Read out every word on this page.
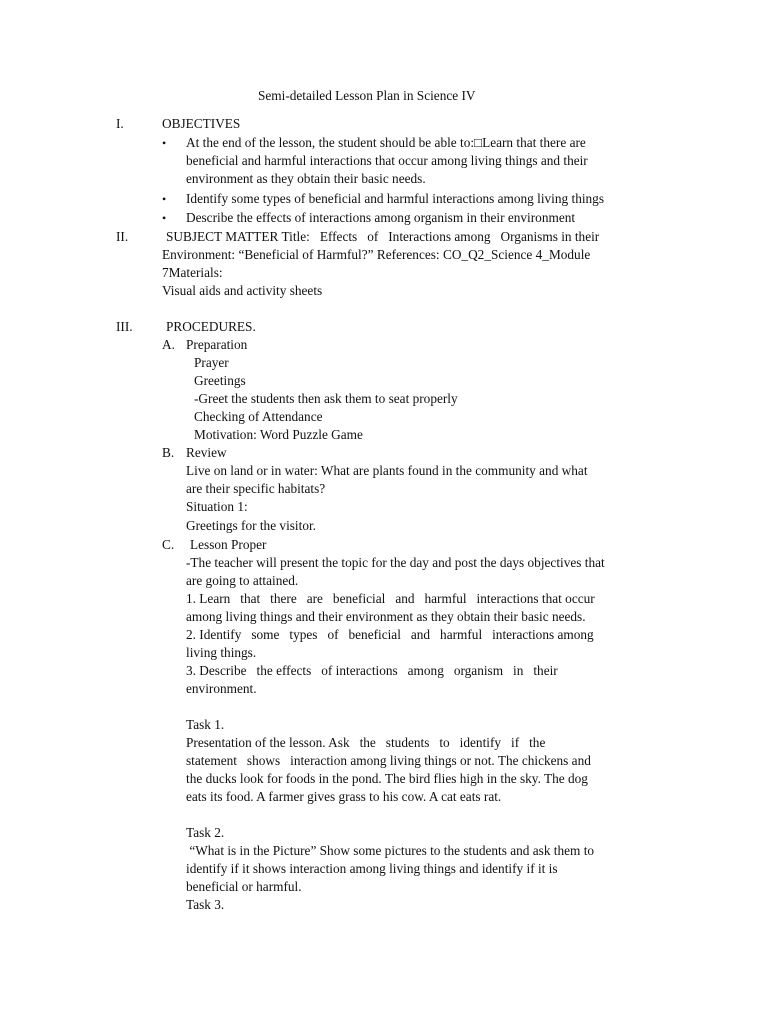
Semi-detailed Lesson Plan in Science IV
I.	OBJECTIVES
• At the end of the lesson, the student should be able to:□Learn that there are
beneficial and harmful interactions that occur among living things and their
environment as they obtain their basic needs.
• Identify some types of beneficial and harmful interactions among living things
• Describe the effects of interactions among organism in their environment
II.	SUBJECT MATTER Title:   Effects   of   Interactions among   Organisms in their
Environment: “Beneficial of Harmful?” References: CO_Q2_Science 4_Module
7Materials:
Visual aids and activity sheets
III.	PROCEDURES.
A. Preparation
Prayer
Greetings
-Greet the students then ask them to seat properly
Checking of Attendance
Motivation: Word Puzzle Game
B. Review
Live on land or in water: What are plants found in the community and what
are their specific habitats?
Situation 1:
Greetings for the visitor.
C. Lesson Proper
-The teacher will present the topic for the day and post the days objectives that
are going to attained.
1. Learn   that   there   are   beneficial   and   harmful   interactions that occur
among living things and their environment as they obtain their basic needs.
2. Identify   some   types   of   beneficial   and   harmful   interactions among
living things.
3. Describe   the effects   of interactions   among   organism   in   their
environment.
Task 1.
Presentation of the lesson. Ask   the   students   to   identify   if   the
statement   shows   interaction among living things or not. The chickens and
the ducks look for foods in the pond. The bird flies high in the sky. The dog
eats its food. A farmer gives grass to his cow. A cat eats rat.
Task 2.
“What is in the Picture” Show some pictures to the students and ask them to
identify if it shows interaction among living things and identify if it is
beneficial or harmful.
Task 3.
